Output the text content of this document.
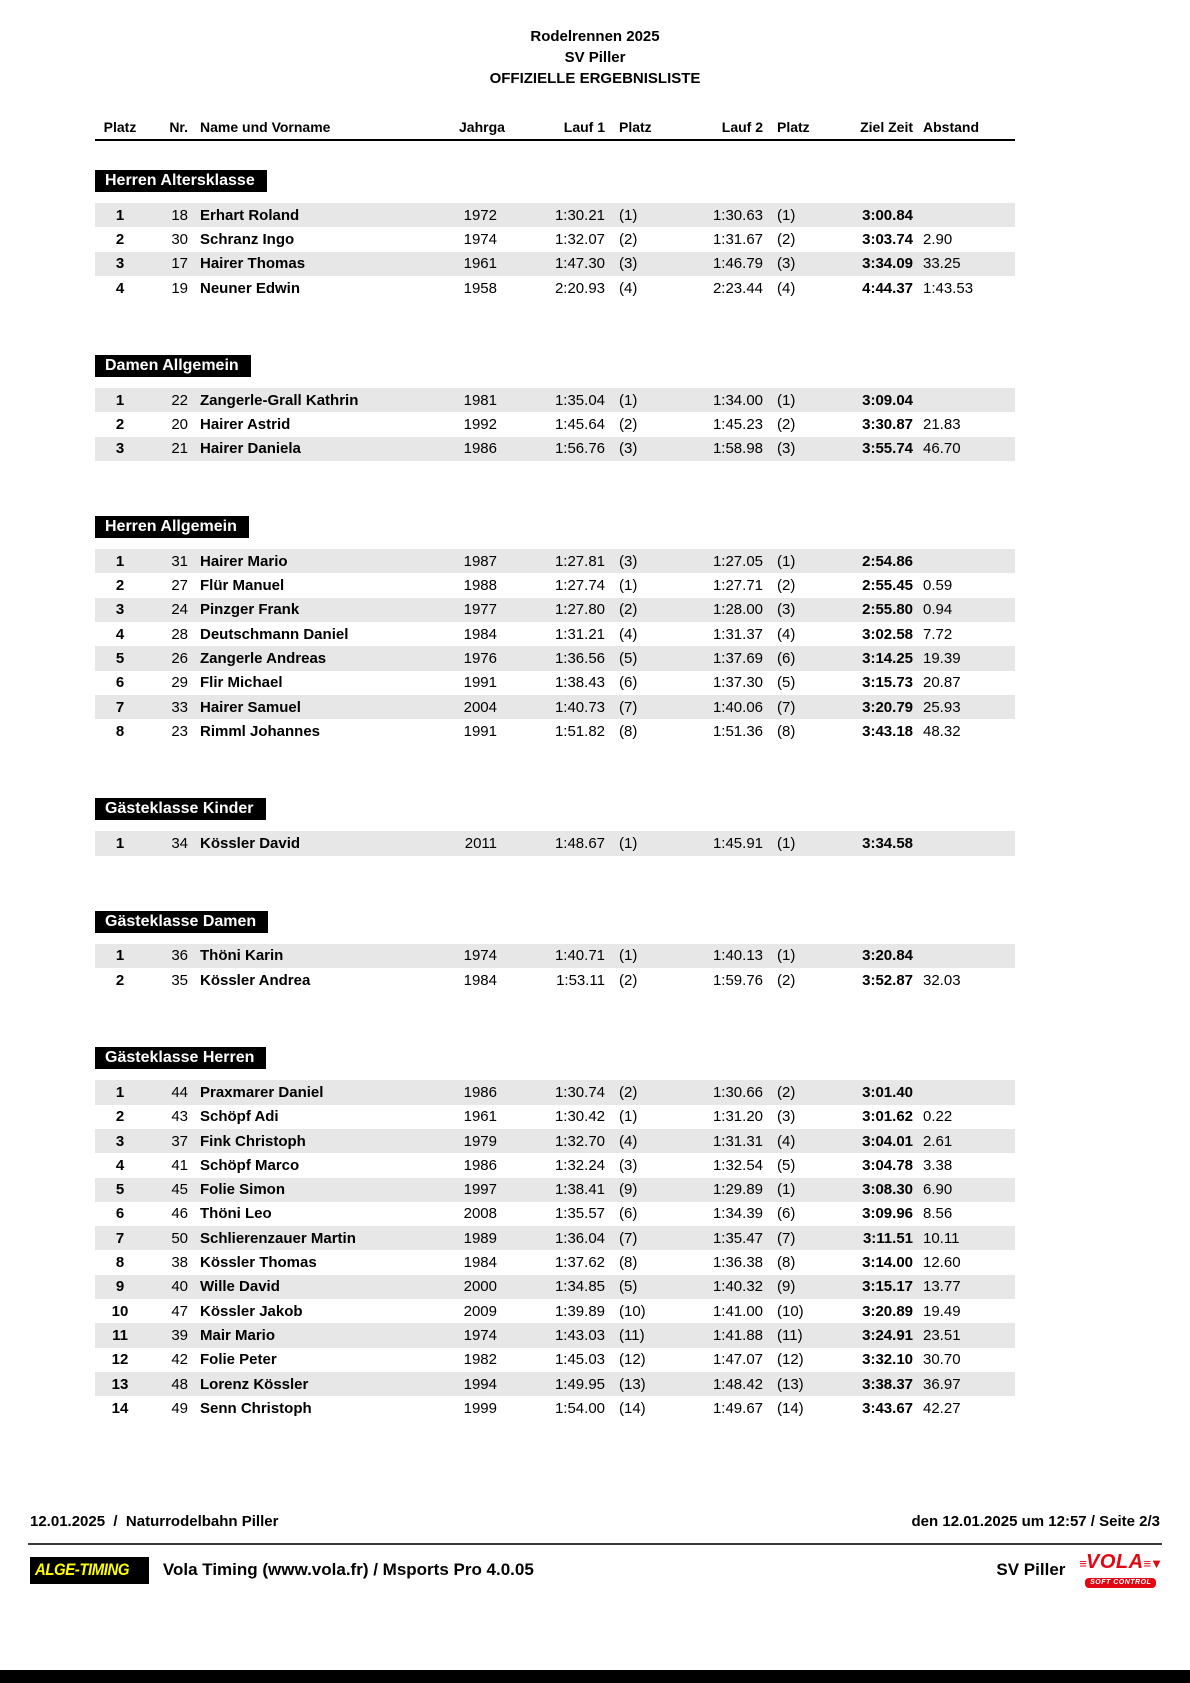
Rodelrennen 2025
SV Piller
OFFIZIELLE ERGEBNISLISTE
Platz	Nr. Name und Vorname	Jahrga	Lauf 1	Platz	Lauf 2	Platz	Ziel Zeit Abstand
Herren Altersklasse
1	18 Erhart Roland	1972	1:30.21 (1)	1:30.63 (1)	3:00.84
2	30 Schranz Ingo	1974	1:32.07 (2)	1:31.67 (2)	3:03.74 2.90
3	17 Hairer Thomas	1961	1:47.30 (3)	1:46.79 (3)	3:34.09 33.25
4	19 Neuner Edwin	1958	2:20.93 (4)	2:23.44 (4)	4:44.37 1:43.53
Damen Allgemein
1	22 Zangerle-Grall Kathrin	1981	1:35.04 (1)	1:34.00 (1)	3:09.04
2	20 Hairer Astrid	1992	1:45.64 (2)	1:45.23 (2)	3:30.87 21.83
3	21 Hairer Daniela	1986	1:56.76 (3)	1:58.98 (3)	3:55.74 46.70
Herren Allgemein
1	31 Hairer Mario	1987	1:27.81 (3)	1:27.05 (1)	2:54.86
2	27 Flür Manuel	1988	1:27.74 (1)	1:27.71 (2)	2:55.45 0.59
3	24 Pinzger Frank	1977	1:27.80 (2)	1:28.00 (3)	2:55.80 0.94
4	28 Deutschmann Daniel	1984	1:31.21 (4)	1:31.37 (4)	3:02.58 7.72
5	26 Zangerle Andreas	1976	1:36.56 (5)	1:37.69 (6)	3:14.25 19.39
6	29 Flir Michael	1991	1:38.43 (6)	1:37.30 (5)	3:15.73 20.87
7	33 Hairer Samuel	2004	1:40.73 (7)	1:40.06 (7)	3:20.79 25.93
8	23 Rimml Johannes	1991	1:51.82 (8)	1:51.36 (8)	3:43.18 48.32
Gästeklasse Kinder
1	34 Kössler David	2011	1:48.67 (1)	1:45.91 (1)	3:34.58
Gästeklasse Damen
1	36 Thöni Karin	1974	1:40.71 (1)	1:40.13 (1)	3:20.84
2	35 Kössler Andrea	1984	1:53.11 (2)	1:59.76 (2)	3:52.87 32.03
Gästeklasse Herren
1	44 Praxmarer Daniel	1986	1:30.74 (2)	1:30.66 (2)	3:01.40
2	43 Schöpf Adi	1961	1:30.42 (1)	1:31.20 (3)	3:01.62 0.22
3	37 Fink Christoph	1979	1:32.70 (4)	1:31.31 (4)	3:04.01 2.61
4	41 Schöpf Marco	1986	1:32.24 (3)	1:32.54 (5)	3:04.78 3.38
5	45 Folie Simon	1997	1:38.41 (9)	1:29.89 (1)	3:08.30 6.90
6	46 Thöni Leo	2008	1:35.57 (6)	1:34.39 (6)	3:09.96 8.56
7	50 Schlierenzauer Martin	1989	1:36.04 (7)	1:35.47 (7)	3:11.51 10.11
8	38 Kössler Thomas	1984	1:37.62 (8)	1:36.38 (8)	3:14.00 12.60
9	40 Wille David	2000	1:34.85 (5)	1:40.32 (9)	3:15.17 13.77
10	47 Kössler Jakob	2009	1:39.89 (10)	1:41.00 (10)	3:20.89 19.49
11	39 Mair Mario	1974	1:43.03 (11)	1:41.88 (11)	3:24.91 23.51
12	42 Folie Peter	1982	1:45.03 (12)	1:47.07 (12)	3:32.10 30.70
13	48 Lorenz Kössler	1994	1:49.95 (13)	1:48.42 (13)	3:38.37 36.97
14	49 Senn Christoph	1999	1:54.00 (14)	1:49.67 (14)	3:43.67 42.27
12.01.2025  /  Naturrodelbahn Piller	den 12.01.2025 um 12:57 / Seite 2/3
ALGE-TIMING	Vola Timing (www.vola.fr) / Msports Pro 4.0.05	SV Piller ≡VOLA≡▼
SOFT CONTROL
